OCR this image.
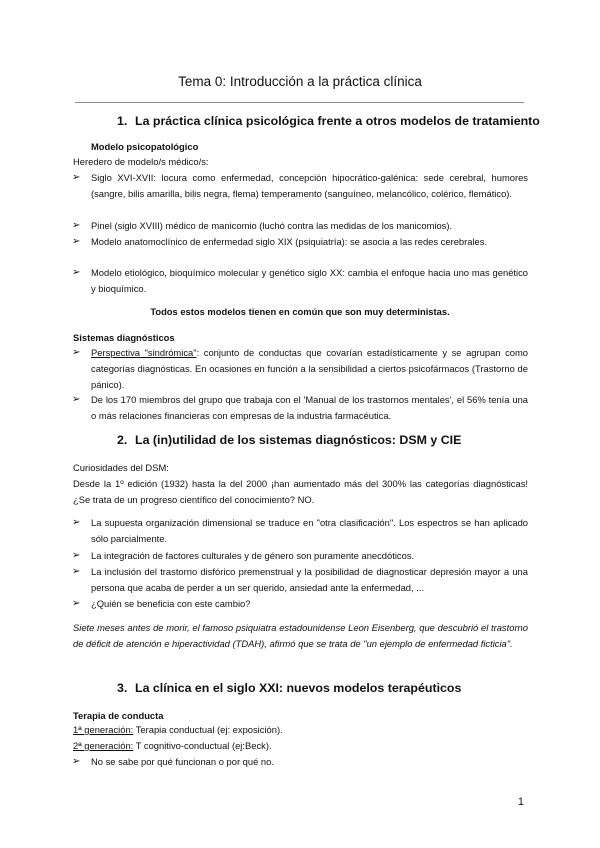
Tema 0: Introducción a la práctica clínica
1. La práctica clínica psicológica frente a otros modelos de tratamiento
Modelo psicopatológico
Heredero de modelo/s médico/s:
➢ Siglo XVI-XVII: locura como enfermedad, concepción hipocrático-galénica: sede cerebral, humores (sangre, bilis amarilla, bilis negra, flema) temperamento (sanguíneo, melancólico, colérico, flemático).
➢ Pinel (siglo XVIII) médico de manicomio (luchó contra las medidas de los manicomios).
➢ Modelo anatomoclínico de enfermedad siglo XIX (psiquiatría): se asocia a las redes cerebrales.
➢ Modelo etiológico, bioquímico molecular y genético siglo XX: cambia el enfoque hacia uno mas genético y bioquímico.
Todos estos modelos tienen en común que son muy deterministas.
Sistemas diagnósticos
➢ Perspectiva "sindrómica": conjunto de conductas que covarían estadísticamente y se agrupan como categorías diagnósticas. En ocasiones en función a la sensibilidad a ciertos psicofármacos (Trastorno de pánico).
➢ De los 170 miembros del grupo que trabaja con el 'Manual de los trastornos mentales', el 56% tenía una o más relaciones financieras con empresas de la industria farmacéutica.
2. La (in)utilidad de los sistemas diagnósticos: DSM y CIE
Curiosidades del DSM:
Desde la 1º edición (1932) hasta la del 2000 ¡han aumentado más del 300% las categorías diagnósticas! ¿Se trata de un progreso científico del conocimiento? NO.
➢ La supuesta organización dimensional se traduce en "otra clasificación". Los espectros se han aplicado sólo parcialmente.
➢ La integración de factores culturales y de género son puramente anecdóticos.
➢ La inclusión del trastorno disfórico premenstrual y la posibilidad de diagnosticar depresión mayor a una persona que acaba de perder a un ser querido, ansiedad ante la enfermedad, ...
➢ ¿Quién se beneficia con este cambio?
Siete meses antes de morir, el famoso psiquiatra estadounidense Leon Eisenberg, que descubrió el trastorno de déficit de atención e hiperactividad (TDAH), afirmó que se trata de "un ejemplo de enfermedad ficticia".
3. La clínica en el siglo XXI: nuevos modelos terapéuticos
Terapia de conducta
1ª generación: Terapia conductual (ej: exposición).
2ª generación: T cognitivo-conductual (ej:Beck).
➢ No se sabe por qué funcionan o por qué no.
1
